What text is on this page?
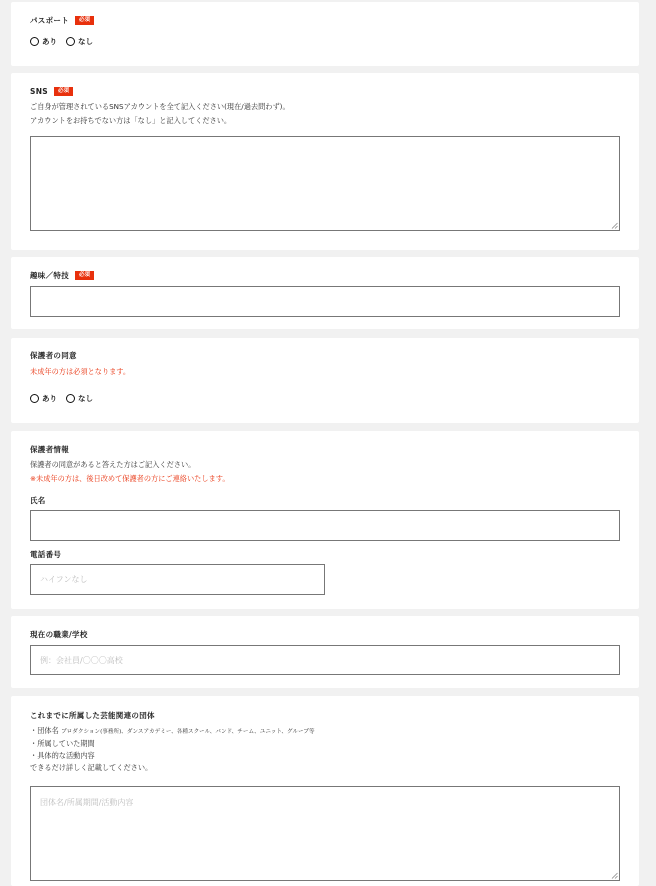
パスポート	必須
あり	なし
SNS	必須
ご自身が管理されているSNSアカウントを全て記入ください(現在/過去問わず)。
アカウントをお持ちでない方は「なし」と記入してください。
趣味／特技	必須
保護者の同意
未成年の方は必須となります。
あり	なし
保護者情報
保護者の同意があると答えた方はご記入ください。
※未成年の方は、後日改めて保護者の方にご連絡いたします。
氏名
電話番号
ハイフンなし
現在の職業/学校
例：会社員/〇〇〇高校
これまでに所属した芸能関連の団体
・団体名 プロダクション(事務所)、ダンスアカデミー、各種スクール、バンド、チーム、ユニット、グループ等
・所属していた期間
・具体的な活動内容
できるだけ詳しく記載してください。
団体名/所属期間/活動内容
